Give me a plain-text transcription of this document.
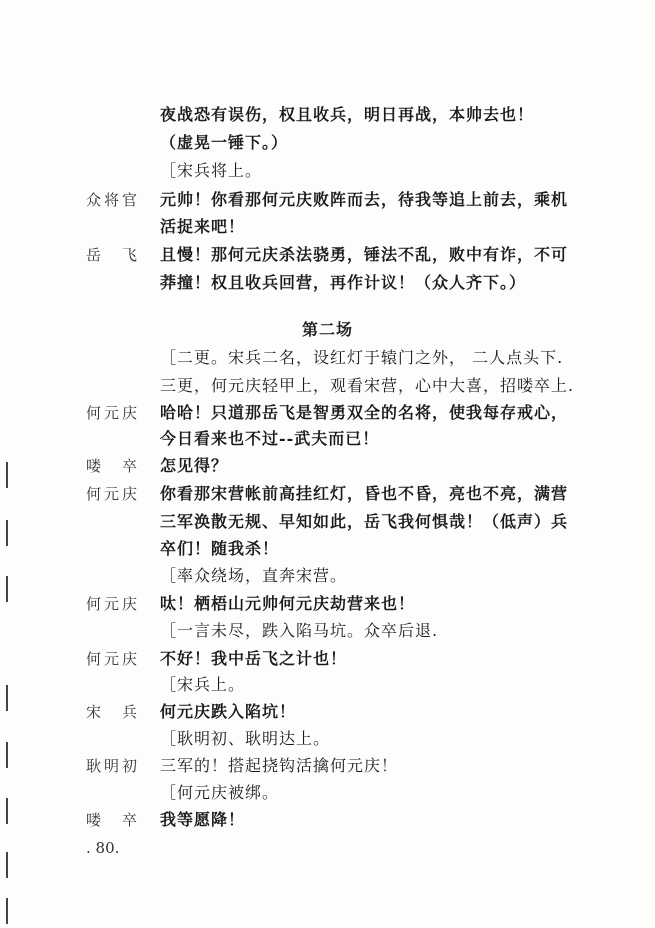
夜战恐有误伤，权且收兵，明日再战，本帅去也！
（虚晃一锤下。）
［宋兵将上。
众将官	元帅！你看那何元庆败阵而去，待我等追上前去，乘机
活捉来吧！
岳　飞	且慢！那何元庆杀法骁勇，锤法不乱，败中有诈，不可
莽撞！权且收兵回营，再作计议！（众人齐下。）
第二场
［二更。宋兵二名，设红灯于辕门之外， 二人点头下.
三更，何元庆轻甲上，观看宋营，心中大喜，招喽卒上.
何元庆	哈哈！只道那岳飞是智勇双全的名将，使我每存戒心，
今日看来也不过--武夫而已！
喽　卒	怎见得？
何元庆	你看那宋营帐前高挂红灯，昏也不昏，亮也不亮，满营
三军涣散无规、早知如此，岳飞我何惧哉！（低声）兵
卒们！随我杀！
［率众绕场，直奔宋营。
何元庆	呔！栖梧山元帅何元庆劫营来也！
［一言未尽，跌入陷马坑。众卒后退.
何元庆	不好！我中岳飞之计也！
［宋兵上。
宋　兵	何元庆跌入陷坑！
［耿明初、耿明达上。
耿明初	三军的！搭起挠钩活擒何元庆！
［何元庆被绑。
喽　卒	我等愿降！
. 80.
